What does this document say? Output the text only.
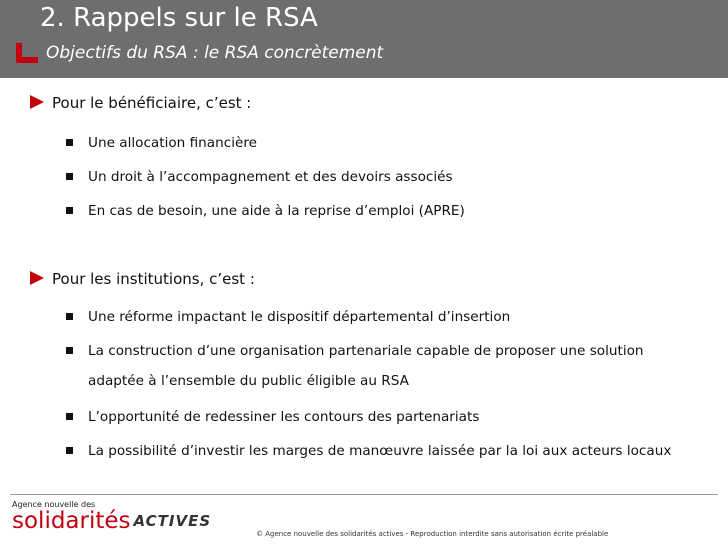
2. Rappels sur le RSA
Objectifs du RSA : le RSA concrètement
Pour le bénéficiaire, c’est :
Une allocation financière
Un droit à l’accompagnement et des devoirs associés
En cas de besoin, une aide à la reprise d’emploi (APRE)
Pour les institutions, c’est :
Une réforme impactant le dispositif départemental d’insertion
La construction d’une organisation partenariale capable de proposer une solution adaptée à l’ensemble du public éligible au RSA
L’opportunité de redessiner les contours des partenariats
La possibilité d’investir les marges de manœuvre laissée par la loi aux acteurs locaux
Agence nouvelle des
solidarités ACTIVES
© Agence nouvelle des solidarités actives - Reproduction interdite sans autorisation écrite préalable
